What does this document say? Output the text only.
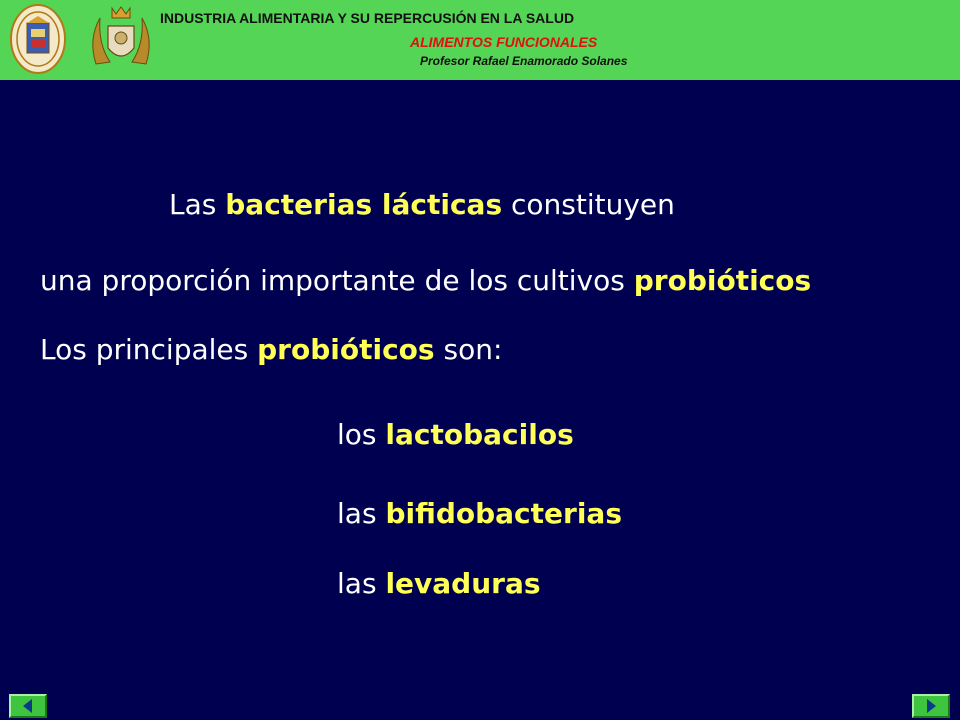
INDUSTRIA ALIMENTARIA Y SU REPERCUSIÓN EN LA SALUD
ALIMENTOS FUNCIONALES
Profesor Rafael Enamorado Solanes
Las bacterias lácticas constituyen
una proporción importante de los cultivos probióticos
Los principales probióticos son:
los lactobacilos
las bifidobacterias
las levaduras
